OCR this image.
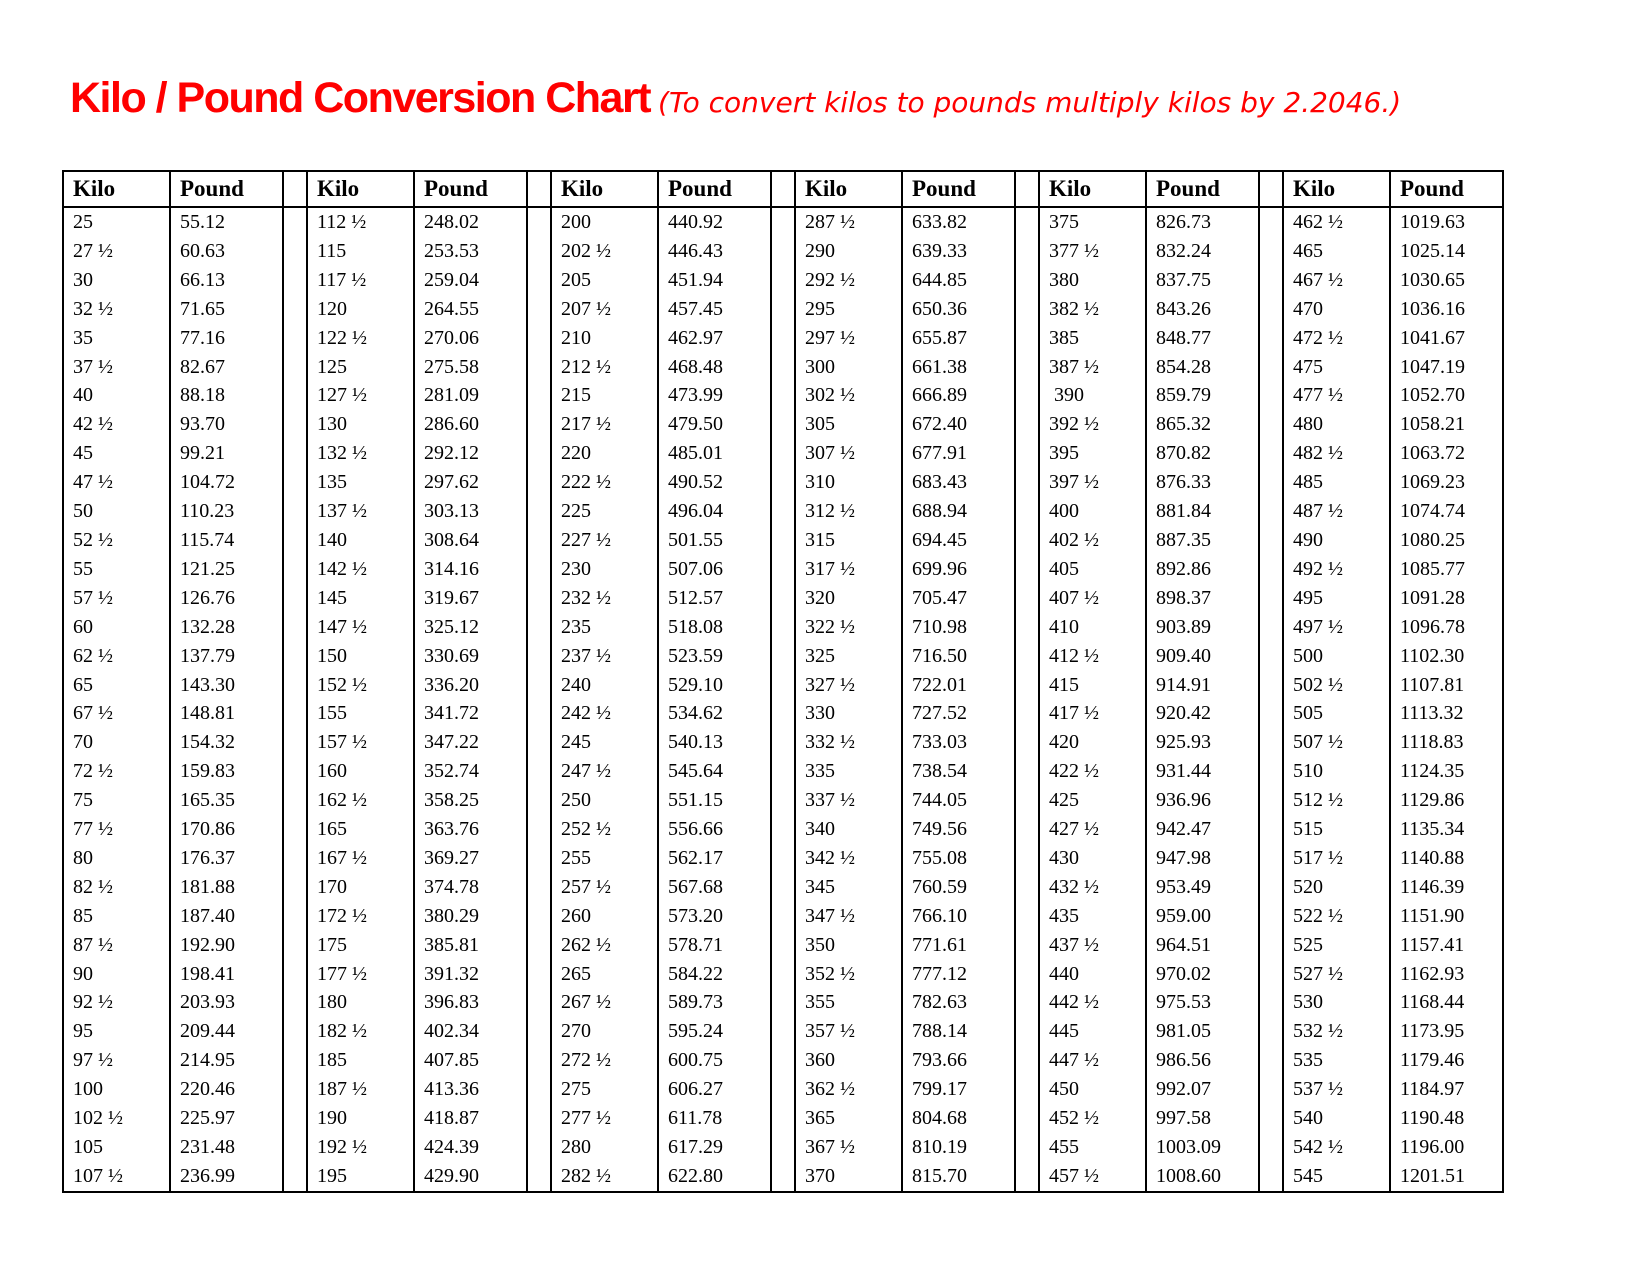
Kilo / Pound Conversion Chart (To convert kilos to pounds multiply kilos by 2.2046.)
Kilo	Pound		Kilo	Pound		Kilo	Pound		Kilo	Pound		Kilo	Pound		Kilo	Pound
25	55.12		112 ½	248.02		200	440.92		287 ½	633.82		375	826.73		462 ½	1019.63
27 ½	60.63		115	253.53		202 ½	446.43		290	639.33		377 ½	832.24		465	1025.14
30	66.13		117 ½	259.04		205	451.94		292 ½	644.85		380	837.75		467 ½	1030.65
32 ½	71.65		120	264.55		207 ½	457.45		295	650.36		382 ½	843.26		470	1036.16
35	77.16		122 ½	270.06		210	462.97		297 ½	655.87		385	848.77		472 ½	1041.67
37 ½	82.67		125	275.58		212 ½	468.48		300	661.38		387 ½	854.28		475	1047.19
40	88.18		127 ½	281.09		215	473.99		302 ½	666.89		390	859.79		477 ½	1052.70
42 ½	93.70		130	286.60		217 ½	479.50		305	672.40		392 ½	865.32		480	1058.21
45	99.21		132 ½	292.12		220	485.01		307 ½	677.91		395	870.82		482 ½	1063.72
47 ½	104.72		135	297.62		222 ½	490.52		310	683.43		397 ½	876.33		485	1069.23
50	110.23		137 ½	303.13		225	496.04		312 ½	688.94		400	881.84		487 ½	1074.74
52 ½	115.74		140	308.64		227 ½	501.55		315	694.45		402 ½	887.35		490	1080.25
55	121.25		142 ½	314.16		230	507.06		317 ½	699.96		405	892.86		492 ½	1085.77
57 ½	126.76		145	319.67		232 ½	512.57		320	705.47		407 ½	898.37		495	1091.28
60	132.28		147 ½	325.12		235	518.08		322 ½	710.98		410	903.89		497 ½	1096.78
62 ½	137.79		150	330.69		237 ½	523.59		325	716.50		412 ½	909.40		500	1102.30
65	143.30		152 ½	336.20		240	529.10		327 ½	722.01		415	914.91		502 ½	1107.81
67 ½	148.81		155	341.72		242 ½	534.62		330	727.52		417 ½	920.42		505	1113.32
70	154.32		157 ½	347.22		245	540.13		332 ½	733.03		420	925.93		507 ½	1118.83
72 ½	159.83		160	352.74		247 ½	545.64		335	738.54		422 ½	931.44		510	1124.35
75	165.35		162 ½	358.25		250	551.15		337 ½	744.05		425	936.96		512 ½	1129.86
77 ½	170.86		165	363.76		252 ½	556.66		340	749.56		427 ½	942.47		515	1135.34
80	176.37		167 ½	369.27		255	562.17		342 ½	755.08		430	947.98		517 ½	1140.88
82 ½	181.88		170	374.78		257 ½	567.68		345	760.59		432 ½	953.49		520	1146.39
85	187.40		172 ½	380.29		260	573.20		347 ½	766.10		435	959.00		522 ½	1151.90
87 ½	192.90		175	385.81		262 ½	578.71		350	771.61		437 ½	964.51		525	1157.41
90	198.41		177 ½	391.32		265	584.22		352 ½	777.12		440	970.02		527 ½	1162.93
92 ½	203.93		180	396.83		267 ½	589.73		355	782.63		442 ½	975.53		530	1168.44
95	209.44		182 ½	402.34		270	595.24		357 ½	788.14		445	981.05		532 ½	1173.95
97 ½	214.95		185	407.85		272 ½	600.75		360	793.66		447 ½	986.56		535	1179.46
100	220.46		187 ½	413.36		275	606.27		362 ½	799.17		450	992.07		537 ½	1184.97
102 ½	225.97		190	418.87		277 ½	611.78		365	804.68		452 ½	997.58		540	1190.48
105	231.48		192 ½	424.39		280	617.29		367 ½	810.19		455	1003.09		542 ½	1196.00
107 ½	236.99		195	429.90		282 ½	622.80		370	815.70		457 ½	1008.60		545	1201.51
